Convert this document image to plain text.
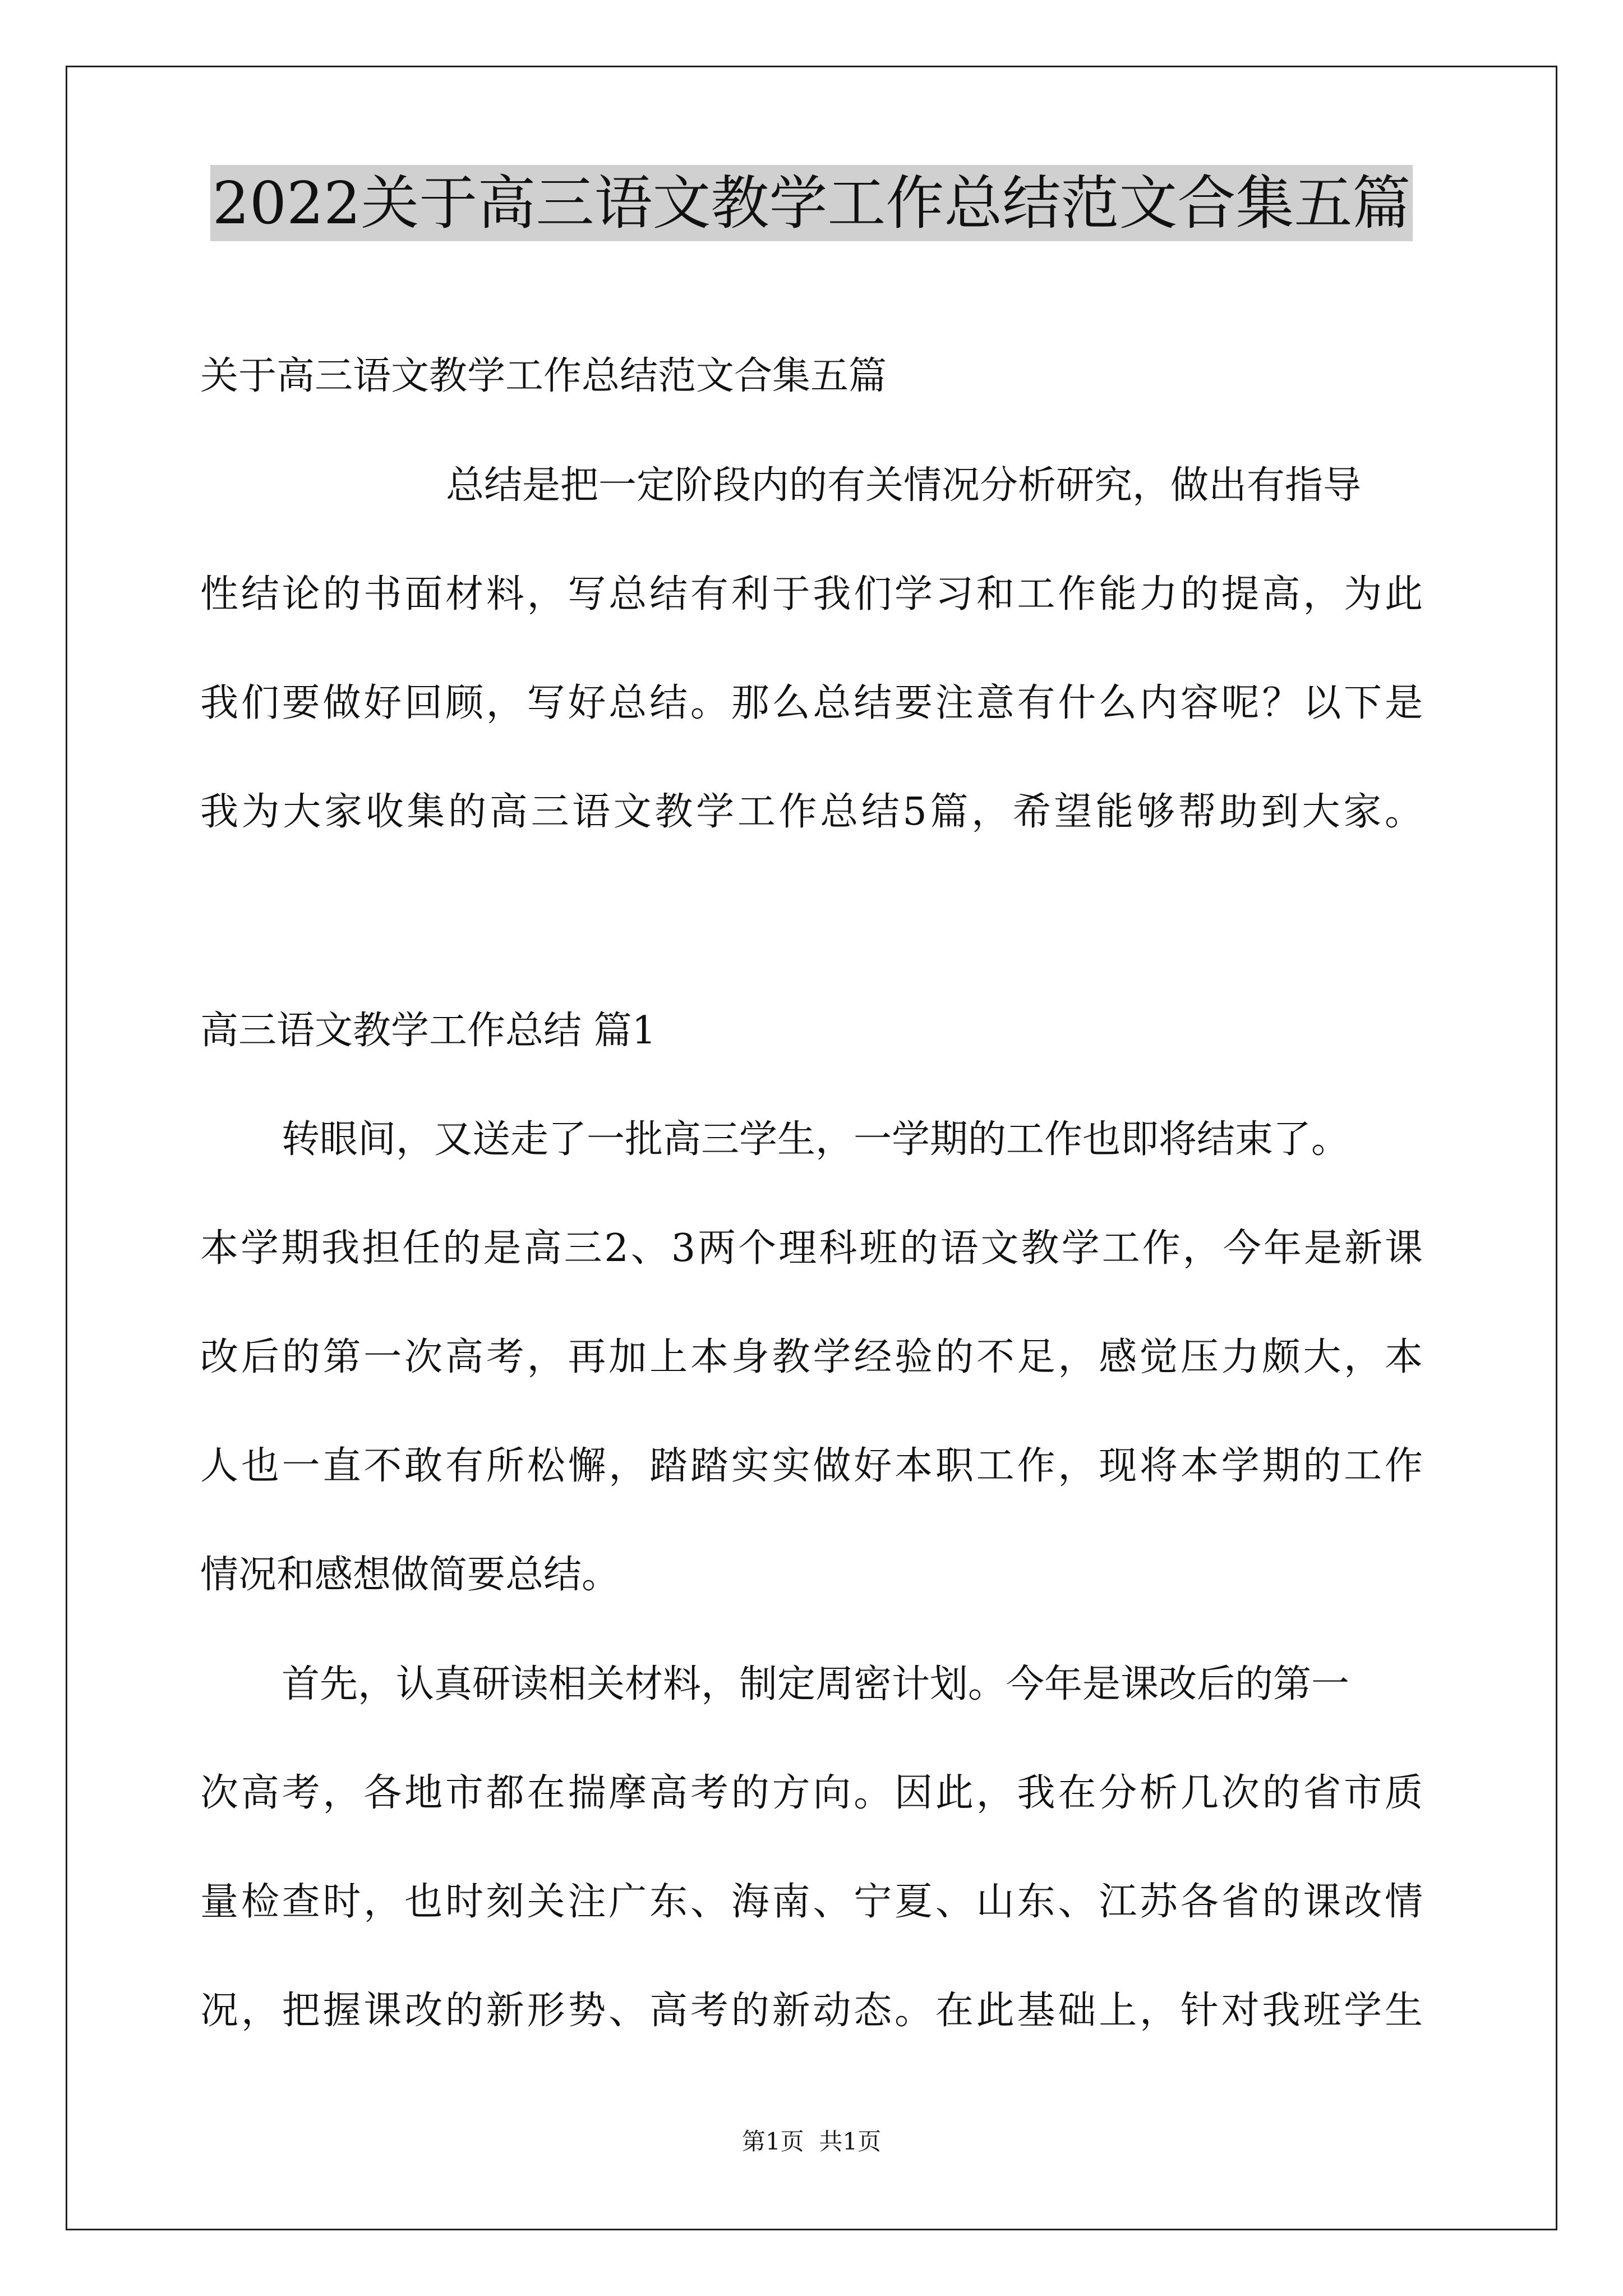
2022关于高三语文教学工作总结范文合集五篇
关于高三语文教学工作总结范文合集五篇
总结是把一定阶段内的有关情况分析研究，做出有指导
性结论的书面材料，写总结有利于我们学习和工作能力的提高，为此
我们要做好回顾，写好总结。那么总结要注意有什么内容呢？以下是
我为大家收集的高三语文教学工作总结5篇，希望能够帮助到大家。
高三语文教学工作总结 篇1
转眼间，又送走了一批高三学生，一学期的工作也即将结束了。
本学期我担任的是高三2、3两个理科班的语文教学工作，今年是新课
改后的第一次高考，再加上本身教学经验的不足，感觉压力颇大，本
人也一直不敢有所松懈，踏踏实实做好本职工作，现将本学期的工作
情况和感想做简要总结。
首先，认真研读相关材料，制定周密计划。今年是课改后的第一
次高考，各地市都在揣摩高考的方向。因此，我在分析几次的省市质
量检查时，也时刻关注广东、海南、宁夏、山东、江苏各省的课改情
况，把握课改的新形势、高考的新动态。在此基础上，针对我班学生
第1页  共1页
